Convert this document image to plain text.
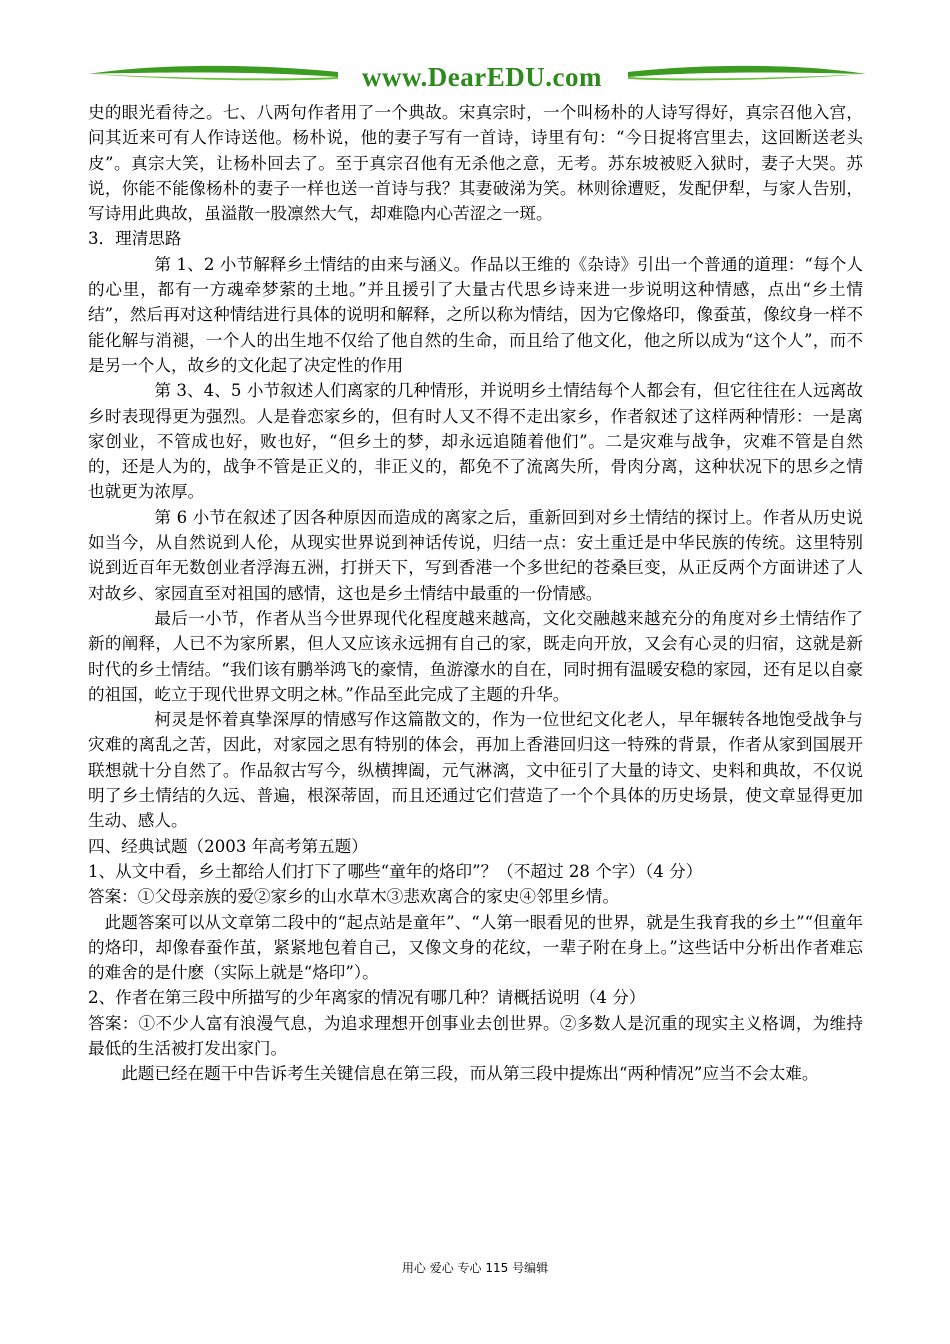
www.DearEDU.com

史的眼光看待之。七、八两句作者用了一个典故。宋真宗时，一个叫杨朴的人诗写得好，真宗召他入宫，问其近来可有人作诗送他。杨朴说，他的妻子写有一首诗，诗里有句：“今日捉将宫里去，这回断送老头皮”。真宗大笑，让杨朴回去了。至于真宗召他有无杀他之意，无考。苏东坡被贬入狱时，妻子大哭。苏说，你能不能像杨朴的妻子一样也送一首诗与我？其妻破涕为笑。林则徐遭贬，发配伊犁，与家人告别，写诗用此典故，虽溢散一股凛然大气，却难隐内心苦涩之一斑。

3．理清思路

第 1、2 小节解释乡土情结的由来与涵义。作品以王维的《杂诗》引出一个普通的道理：“每个人的心里，都有一方魂牵梦萦的土地。”并且援引了大量古代思乡诗来进一步说明这种情感，点出“乡土情结”，然后再对这种情结进行具体的说明和解释，之所以称为情结，因为它像烙印，像蚕茧，像纹身一样不能化解与消褪，一个人的出生地不仅给了他自然的生命，而且给了他文化，他之所以成为“这个人”，而不是另一个人，故乡的文化起了决定性的作用

第 3、4、5 小节叙述人们离家的几种情形，并说明乡土情结每个人都会有，但它往往在人远离故乡时表现得更为强烈。人是眷恋家乡的，但有时人又不得不走出家乡，作者叙述了这样两种情形：一是离家创业，不管成也好，败也好，“但乡土的梦，却永远追随着他们”。二是灾难与战争，灾难不管是自然的，还是人为的，战争不管是正义的，非正义的，都免不了流离失所，骨肉分离，这种状况下的思乡之情也就更为浓厚。

第 6 小节在叙述了因各种原因而造成的离家之后，重新回到对乡土情结的探讨上。作者从历史说如当今，从自然说到人伦，从现实世界说到神话传说，归结一点：安土重迁是中华民族的传统。这里特别说到近百年无数创业者浮海五洲，打拼天下，写到香港一个多世纪的苍桑巨变，从正反两个方面讲述了人对故乡、家园直至对祖国的感情，这也是乡土情结中最重的一份情感。

最后一小节，作者从当今世界现代化程度越来越高，文化交融越来越充分的角度对乡土情结作了新的阐释，人已不为家所累，但人又应该永远拥有自己的家，既走向开放，又会有心灵的归宿，这就是新时代的乡土情结。“我们该有鹏举鸿飞的豪情，鱼游濠水的自在，同时拥有温暖安稳的家园，还有足以自豪的祖国，屹立于现代世界文明之林。”作品至此完成了主题的升华。

柯灵是怀着真挚深厚的情感写作这篇散文的，作为一位世纪文化老人，早年辗转各地饱受战争与灾难的离乱之苦，因此，对家园之思有特别的体会，再加上香港回归这一特殊的背景，作者从家到国展开联想就十分自然了。作品叙古写今，纵横捭阖，元气淋漓，文中征引了大量的诗文、史料和典故，不仅说明了乡土情结的久远、普遍，根深蒂固，而且还通过它们营造了一个个具体的历史场景，使文章显得更加生动、感人。

四、经典试题（2003 年高考第五题）

1、从文中看，乡土都给人们打下了哪些“童年的烙印”？（不超过 28 个字）（4 分）

答案：①父母亲族的爱②家乡的山水草木③悲欢离合的家史④邻里乡情。

此题答案可以从文章第二段中的“起点站是童年”、“人第一眼看见的世界，就是生我育我的乡土”“但童年的烙印，却像春蚕作茧，紧紧地包着自己，又像文身的花纹，一辈子附在身上。”这些话中分析出作者难忘的难舍的是什麽（实际上就是“烙印”）。

2、作者在第三段中所描写的少年离家的情况有哪几种？请概括说明（4 分）

答案：①不少人富有浪漫气息，为追求理想开创事业去创世界。②多数人是沉重的现实主义格调，为维持最低的生活被打发出家门。

此题已经在题干中告诉考生关键信息在第三段，而从第三段中提炼出“两种情况”应当不会太难。

用心 爱心 专心 115 号编辑
